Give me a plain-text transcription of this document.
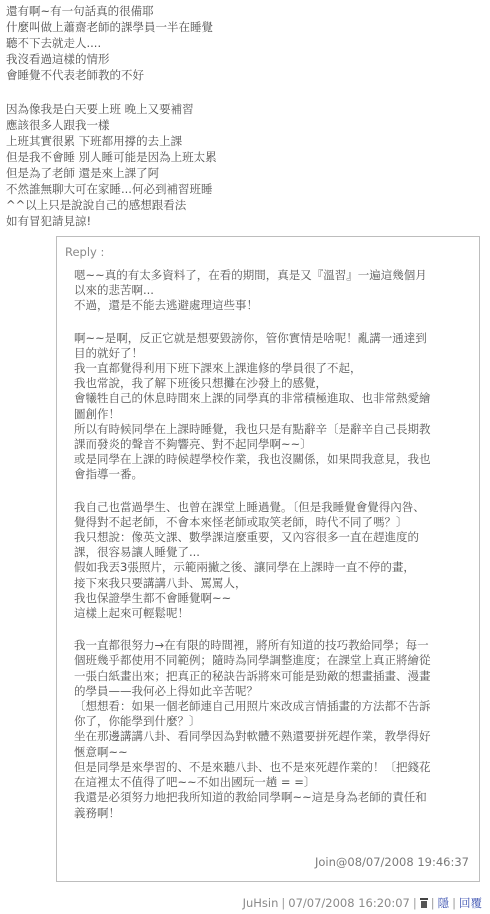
還有啊~有一句話真的很備耶
什麼叫做上蕭齋老師的課學員一半在睡覺
聽不下去就走人....
我沒看過這樣的情形
會睡覺不代表老師教的不好
因為像我是白天要上班 晚上又要補習
應該很多人跟我一樣
上班其實很累 下班都用撐的去上課
但是我不會睡 別人睡可能是因為上班太累
但是為了老師 還是來上課了阿
不然誰無聊大可在家睡...何必到補習班睡
^^以上只是說說自己的感想跟看法
如有冒犯請見諒!
Reply :
嗯~~真的有太多資料了，在看的期間，真是又『溫習』一遍這幾個月
以來的悲苦啊...
不過，還是不能去逃避處理這些事！
啊~~是啊，反正它就是想要毀謗你，管你實情是啥呢！亂講一通達到
目的就好了！
我一直都覺得利用下班下課來上課進修的學員很了不起，
我也常說，我了解下班後只想攤在沙發上的感覺，
會犧牲自己的休息時間來上課的同學真的非常積極進取、也非常熱愛繪
圖創作！
所以有時候同學在上課時睡覺，我也只是有點辭辛〔是辭辛自己長期教
課而發炎的聲音不夠響亮、對不起同學啊~~〕
或是同學在上課的時候趕學校作業，我也沒關係，如果問我意見，我也
會指導一番。
我自己也當過學生、也曾在課堂上睡過覺。〔但是我睡覺會覺得內咎、
覺得對不起老師，不會本來怪老師或取笑老師，時代不同了嗎？〕
我只想說：像英文課、數學課這麼重要，又內容很多一直在趕進度的
課，很容易讓人睡覺了...
假如我丟3張照片，示範兩撇之後、讓同學在上課時一直不停的畫，
接下來我只要講講八卦、罵罵人，
我也保證學生都不會睡覺啊~~
這樣上起來可輕鬆呢！
我一直都很努力→在有限的時間裡，將所有知道的技巧教給同學；每一
個班幾乎都使用不同範例；隨時為同學調整進度；在課堂上真正將繪從
一張白紙畫出來；把真正的秘訣告訴將來可能是勁敵的想畫插畫、漫畫
的學員——我何必上得如此辛苦呢？
〔想想看：如果一個老師連自己用照片來改成言情插畫的方法都不告訴
你了，你能學到什麼？〕
坐在那邊講講八卦、看同學因為對軟體不熟還要拼死趕作業，教學得好
愜意啊~~
但是同學是來學習的、不是來聽八卦、也不是來死趕作業的！〔把錢花
在這裡太不值得了吧~~不如出國玩一趟 = =〕
我還是必須努力地把我所知道的教給同學啊~~這是身為老師的責任和
義務啊！
Join@08/07/2008 19:46:37
JuHsin | 07/07/2008 16:20:07 | | 隱 | 回覆
